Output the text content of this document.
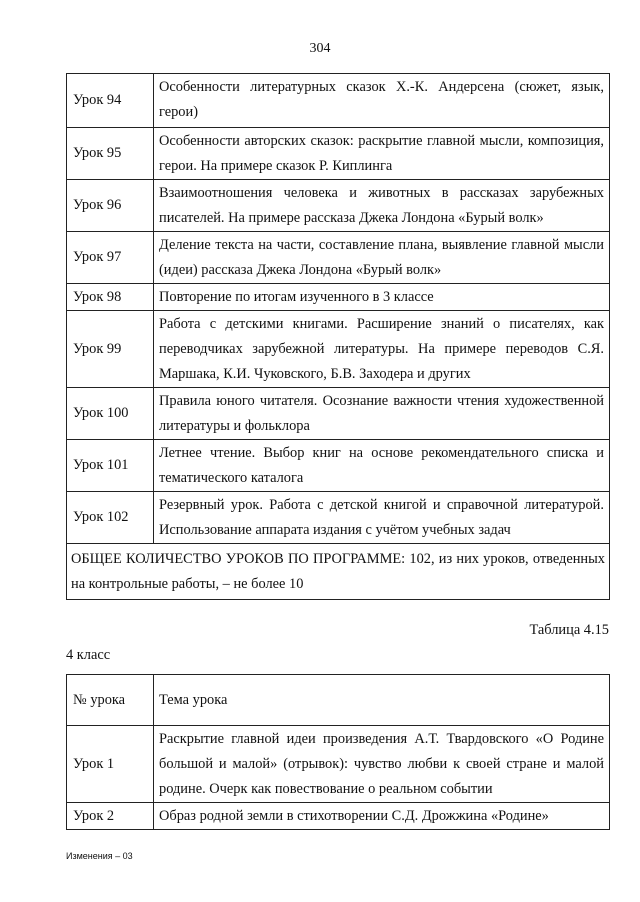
304
Урок 94	Особенности литературных сказок Х.-К. Андерсена (сюжет, язык, герои)
Урок 95	Особенности авторских сказок: раскрытие главной мысли, композиция, герои. На примере сказок Р. Киплинга
Урок 96	Взаимоотношения человека и животных в рассказах зарубежных писателей. На примере рассказа Джека Лондона «Бурый волк»
Урок 97	Деление текста на части, составление плана, выявление главной мысли (идеи) рассказа Джека Лондона «Бурый волк»
Урок 98	Повторение по итогам изученного в 3 классе
Урок 99	Работа с детскими книгами. Расширение знаний о писателях, как переводчиках зарубежной литературы. На примере переводов С.Я. Маршака, К.И. Чуковского, Б.В. Заходера и других
Урок 100	Правила юного читателя. Осознание важности чтения художественной литературы и фольклора
Урок 101	Летнее чтение. Выбор книг на основе рекомендательного списка и тематического каталога
Урок 102	Резервный урок. Работа с детской книгой и справочной литературой. Использование аппарата издания с учётом учебных задач
ОБЩЕЕ КОЛИЧЕСТВО УРОКОВ ПО ПРОГРАММЕ: 102, из них уроков, отведенных на контрольные работы, – не более 10	
Таблица 4.15
4 класс
№ урока	Тема урока
Урок 1	Раскрытие главной идеи произведения А.Т. Твардовского «О Родине большой и малой» (отрывок): чувство любви к своей стране и малой родине. Очерк как повествование о реальном событии
Урок 2	Образ родной земли в стихотворении С.Д. Дрожжина «Родине»
Изменения – 03
